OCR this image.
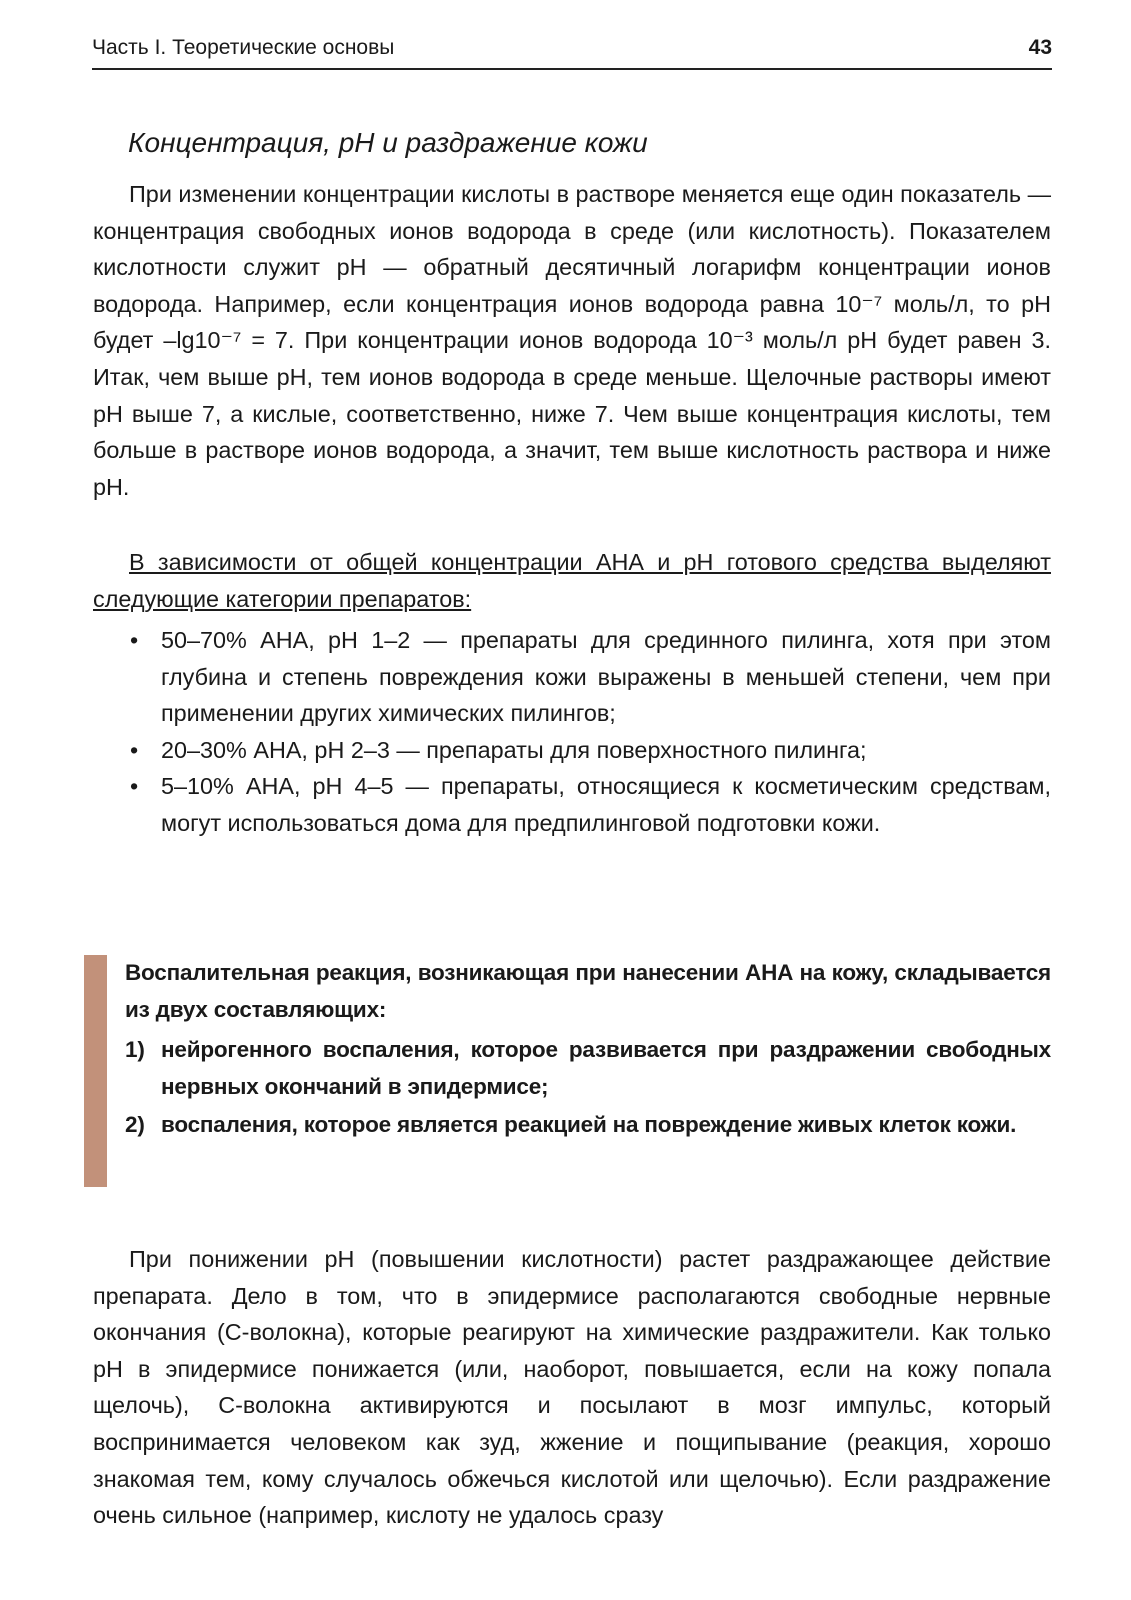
Часть I. Теоретические основы	43
Концентрация, pH и раздражение кожи

При изменении концентрации кислоты в растворе меняется еще один показатель — концентрация свободных ионов водорода в среде (или кислотность). Показателем кислотности служит pH — обратный десятичный логарифм концентрации ионов водорода. Например, если концентрация ионов водорода равна 10⁻⁷ моль/л, то pH будет –lg10⁻⁷ = 7. При концентрации ионов водорода 10⁻³ моль/л pH будет равен 3. Итак, чем выше pH, тем ионов водорода в среде меньше. Щелочные растворы имеют pH выше 7, а кислые, соответственно, ниже 7. Чем выше концентрация кислоты, тем больше в растворе ионов водорода, а значит, тем выше кислотность раствора и ниже pH.

В зависимости от общей концентрации АНА и pH готового средства выделяют следующие категории препаратов:

• 50–70% АНА, pH 1–2 — препараты для срединного пилинга, хотя при этом глубина и степень повреждения кожи выражены в меньшей степени, чем при применении других химических пилингов;
• 20–30% АНА, pH 2–3 — препараты для поверхностного пилинга;
• 5–10% АНА, pH 4–5 — препараты, относящиеся к косметическим средствам, могут использоваться дома для предпилинговой подготовки кожи.

Воспалительная реакция, возникающая при нанесении АНА на кожу, складывается из двух составляющих:

1) нейрогенного воспаления, которое развивается при раздражении свободных нервных окончаний в эпидермисе;
2) воспаления, которое является реакцией на повреждение живых клеток кожи.

При понижении pH (повышении кислотности) растет раздражающее действие препарата. Дело в том, что в эпидермисе располагаются свободные нервные окончания (С-волокна), которые реагируют на химические раздражители. Как только pH в эпидермисе понижается (или, наоборот, повышается, если на кожу попала щелочь), С-волокна активируются и посылают в мозг импульс, который воспринимается человеком как зуд, жжение и пощипывание (реакция, хорошо знакомая тем, кому случалось обжечься кислотой или щелочью). Если раздражение очень сильное (например, кислоту не удалось сразу
